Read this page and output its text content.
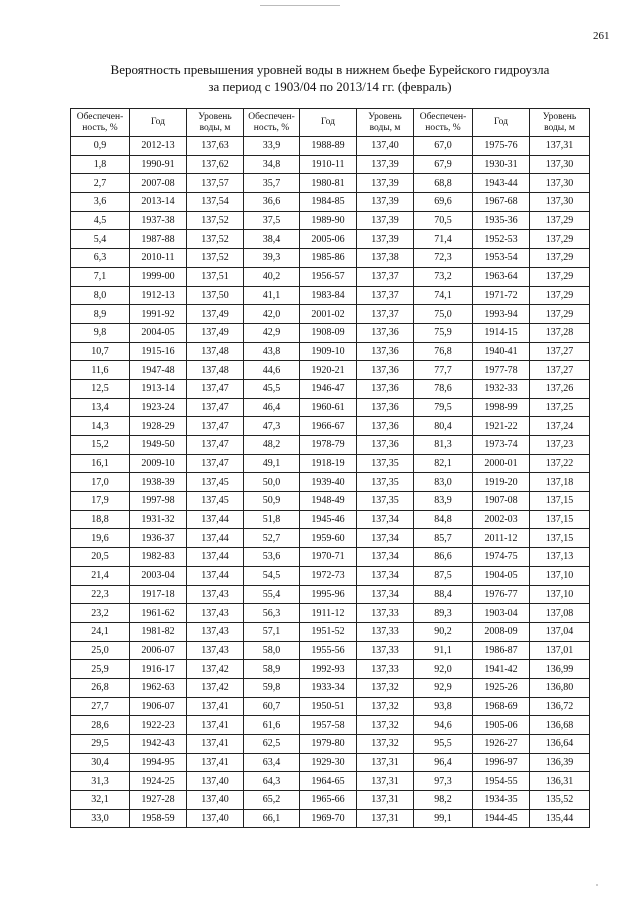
261
Вероятность превышения уровней воды в нижнем бьефе Бурейского гидроузла
за период с 1903/04 по 2013/14 гг. (февраль)
Обеспечен-
ность, %	Год	Уровень
воды, м	Обеспечен-
ность, %	Год	Уровень
воды, м	Обеспечен-
ность, %	Год	Уровень
воды, м
0,9	2012-13	137,63	33,9	1988-89	137,40	67,0	1975-76	137,31
1,8	1990-91	137,62	34,8	1910-11	137,39	67,9	1930-31	137,30
2,7	2007-08	137,57	35,7	1980-81	137,39	68,8	1943-44	137,30
3,6	2013-14	137,54	36,6	1984-85	137,39	69,6	1967-68	137,30
4,5	1937-38	137,52	37,5	1989-90	137,39	70,5	1935-36	137,29
5,4	1987-88	137,52	38,4	2005-06	137,39	71,4	1952-53	137,29
6,3	2010-11	137,52	39,3	1985-86	137,38	72,3	1953-54	137,29
7,1	1999-00	137,51	40,2	1956-57	137,37	73,2	1963-64	137,29
8,0	1912-13	137,50	41,1	1983-84	137,37	74,1	1971-72	137,29
8,9	1991-92	137,49	42,0	2001-02	137,37	75,0	1993-94	137,29
9,8	2004-05	137,49	42,9	1908-09	137,36	75,9	1914-15	137,28
10,7	1915-16	137,48	43,8	1909-10	137,36	76,8	1940-41	137,27
11,6	1947-48	137,48	44,6	1920-21	137,36	77,7	1977-78	137,27
12,5	1913-14	137,47	45,5	1946-47	137,36	78,6	1932-33	137,26
13,4	1923-24	137,47	46,4	1960-61	137,36	79,5	1998-99	137,25
14,3	1928-29	137,47	47,3	1966-67	137,36	80,4	1921-22	137,24
15,2	1949-50	137,47	48,2	1978-79	137,36	81,3	1973-74	137,23
16,1	2009-10	137,47	49,1	1918-19	137,35	82,1	2000-01	137,22
17,0	1938-39	137,45	50,0	1939-40	137,35	83,0	1919-20	137,18
17,9	1997-98	137,45	50,9	1948-49	137,35	83,9	1907-08	137,15
18,8	1931-32	137,44	51,8	1945-46	137,34	84,8	2002-03	137,15
19,6	1936-37	137,44	52,7	1959-60	137,34	85,7	2011-12	137,15
20,5	1982-83	137,44	53,6	1970-71	137,34	86,6	1974-75	137,13
21,4	2003-04	137,44	54,5	1972-73	137,34	87,5	1904-05	137,10
22,3	1917-18	137,43	55,4	1995-96	137,34	88,4	1976-77	137,10
23,2	1961-62	137,43	56,3	1911-12	137,33	89,3	1903-04	137,08
24,1	1981-82	137,43	57,1	1951-52	137,33	90,2	2008-09	137,04
25,0	2006-07	137,43	58,0	1955-56	137,33	91,1	1986-87	137,01
25,9	1916-17	137,42	58,9	1992-93	137,33	92,0	1941-42	136,99
26,8	1962-63	137,42	59,8	1933-34	137,32	92,9	1925-26	136,80
27,7	1906-07	137,41	60,7	1950-51	137,32	93,8	1968-69	136,72
28,6	1922-23	137,41	61,6	1957-58	137,32	94,6	1905-06	136,68
29,5	1942-43	137,41	62,5	1979-80	137,32	95,5	1926-27	136,64
30,4	1994-95	137,41	63,4	1929-30	137,31	96,4	1996-97	136,39
31,3	1924-25	137,40	64,3	1964-65	137,31	97,3	1954-55	136,31
32,1	1927-28	137,40	65,2	1965-66	137,31	98,2	1934-35	135,52
33,0	1958-59	137,40	66,1	1969-70	137,31	99,1	1944-45	135,44
